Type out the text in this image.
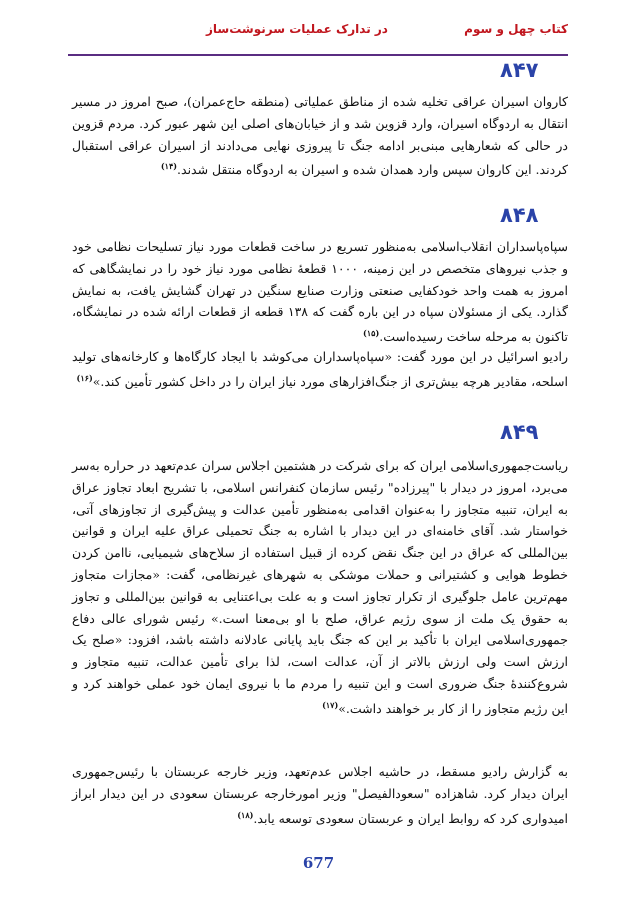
کتاب چهل و سوم
در تدارک عملیات سرنوشت‌ساز
۸۴۷

کاروان اسیران عراقی تخلیه شده از مناطق عملیاتی (منطقه حاج‌عمران)، صبح امروز در مسیر انتقال به اردوگاه اسیران، وارد قزوین شد و از خیابان‌های اصلی این شهر عبور کرد. مردم قزوین در حالی که شعارهایی مبنی‌بر ادامه جنگ تا پیروزی نهایی می‌دادند از اسیران عراقی استقبال کردند. این کاروان سپس وارد همدان شده و اسیران به اردوگاه منتقل شدند.$^{(۱۴)}$

۸۴۸

سپاه‌پاسداران انقلاب‌اسلامی به‌منظور تسریع در ساخت قطعات مورد نیاز تسلیحات نظامی خود و جذب نیروهای متخصص در این زمینه، ۱۰۰۰ قطعهٔ نظامی مورد نیاز خود را در نمایشگاهی که امروز به همت واحد خودکفایی صنعتی وزارت صنایع سنگین در تهران گشایش یافت، به نمایش گذارد. یکی از مسئولان سپاه در این باره گفت که ۱۳۸ قطعه از قطعات ارائه شده در نمایشگاه، تاکنون به مرحله ساخت رسیده‌است.$^{(۱۵)}$

رادیو اسرائیل در این مورد گفت: «سپاه‌پاسداران می‌کوشد با ایجاد کارگاه‌ها و کارخانه‌های تولید اسلحه، مقادیر هرچه بیش‌تری از جنگ‌افزارهای مورد نیاز ایران را در داخل کشور تأمین کند.»$^{(۱۶)}$

۸۴۹

ریاست‌جمهوری‌اسلامی ایران که برای شرکت در هشتمین اجلاس سران عدم‌تعهد در حراره به‌سر می‌برد، امروز در دیدار با "پیرزاده" رئیس سازمان کنفرانس اسلامی، با تشریح ابعاد تجاوز عراق به ایران، تنبیه متجاوز را به‌عنوان اقدامی به‌منظور تأمین عدالت و پیش‌گیری از تجاوزهای آتی، خواستار شد. آقای خامنه‌ای در این دیدار با اشاره به جنگ تحمیلی عراق علیه ایران و قوانین بین‌المللی که عراق در این جنگ نقض کرده از قبیل استفاده از سلاح‌های شیمیایی، ناامن کردن خطوط هوایی و کشتیرانی و حملات موشکی به شهرهای غیرنظامی، گفت: «مجازات متجاوز مهم‌ترین عامل جلوگیری از تکرار تجاوز است و به علت بی‌اعتنایی به قوانین بین‌المللی و تجاوز به حقوق یک ملت از سوی رژیم عراق، صلح با او بی‌معنا است.» رئیس شورای عالی دفاع جمهوری‌اسلامی ایران با تأکید بر این که جنگ باید پایانی عادلانه داشته باشد، افزود: «صلح یک ارزش است ولی ارزش بالاتر از آن، عدالت است، لذا برای تأمین عدالت، تنبیه متجاوز و شروع‌کنندهٔ جنگ ضروری است و این تنبیه را مردم ما با نیروی ایمان خود عملی خواهند کرد و این رژیم متجاوز را از کار بر خواهند داشت.»$^{(۱۷)}$

به گزارش رادیو مسقط، در حاشیه اجلاس عدم‌تعهد، وزیر خارجه عربستان با رئیس‌جمهوری ایران دیدار کرد. شاهزاده "سعودالفیصل" وزیر امورخارجه عربستان سعودی در این دیدار ابراز امیدواری کرد که روابط ایران و عربستان سعودی توسعه یابد.$^{(۱۸)}$

677
